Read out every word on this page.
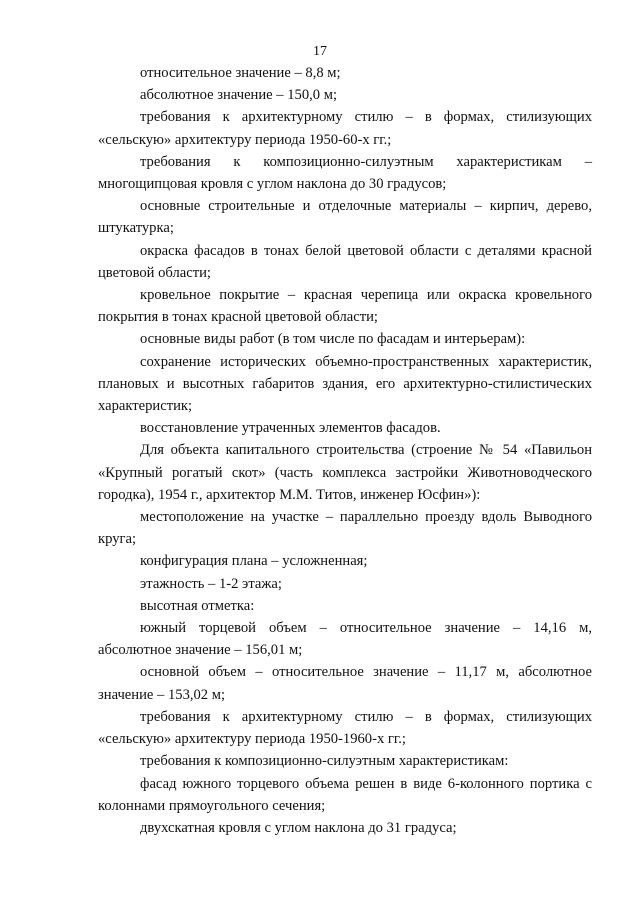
17

относительное значение – 8,8 м;

абсолютное значение – 150,0 м;

требования к архитектурному стилю – в формах, стилизующих «сельскую» архитектуру периода 1950-60-х гг.;

требования к композиционно-силуэтным характеристикам – многощипцовая кровля с углом наклона до 30 градусов;

основные строительные и отделочные материалы – кирпич, дерево, штукатурка;

окраска фасадов в тонах белой цветовой области с деталями красной цветовой области;

кровельное покрытие – красная черепица или окраска кровельного покрытия в тонах красной цветовой области;

основные виды работ (в том числе по фасадам и интерьерам):

сохранение исторических объемно-пространственных характеристик, плановых и высотных габаритов здания, его архитектурно-стилистических характеристик;

восстановление утраченных элементов фасадов.

Для объекта капитального строительства (строение № 54 «Павильон «Крупный рогатый скот» (часть комплекса застройки Животноводческого городка), 1954 г., архитектор М.М. Титов, инженер Юсфин»):

местоположение на участке – параллельно проезду вдоль Выводного круга;

конфигурация плана – усложненная;

этажность – 1-2 этажа;

высотная отметка:

южный торцевой объем – относительное значение – 14,16 м, абсолютное значение – 156,01 м;

основной объем – относительное значение – 11,17 м, абсолютное значение – 153,02 м;

требования к архитектурному стилю – в формах, стилизующих «сельскую» архитектуру периода 1950-1960-х гг.;

требования к композиционно-силуэтным характеристикам:

фасад южного торцевого объема решен в виде 6-колонного портика с колоннами прямоугольного сечения;

двухскатная кровля с углом наклона до 31 градуса;
